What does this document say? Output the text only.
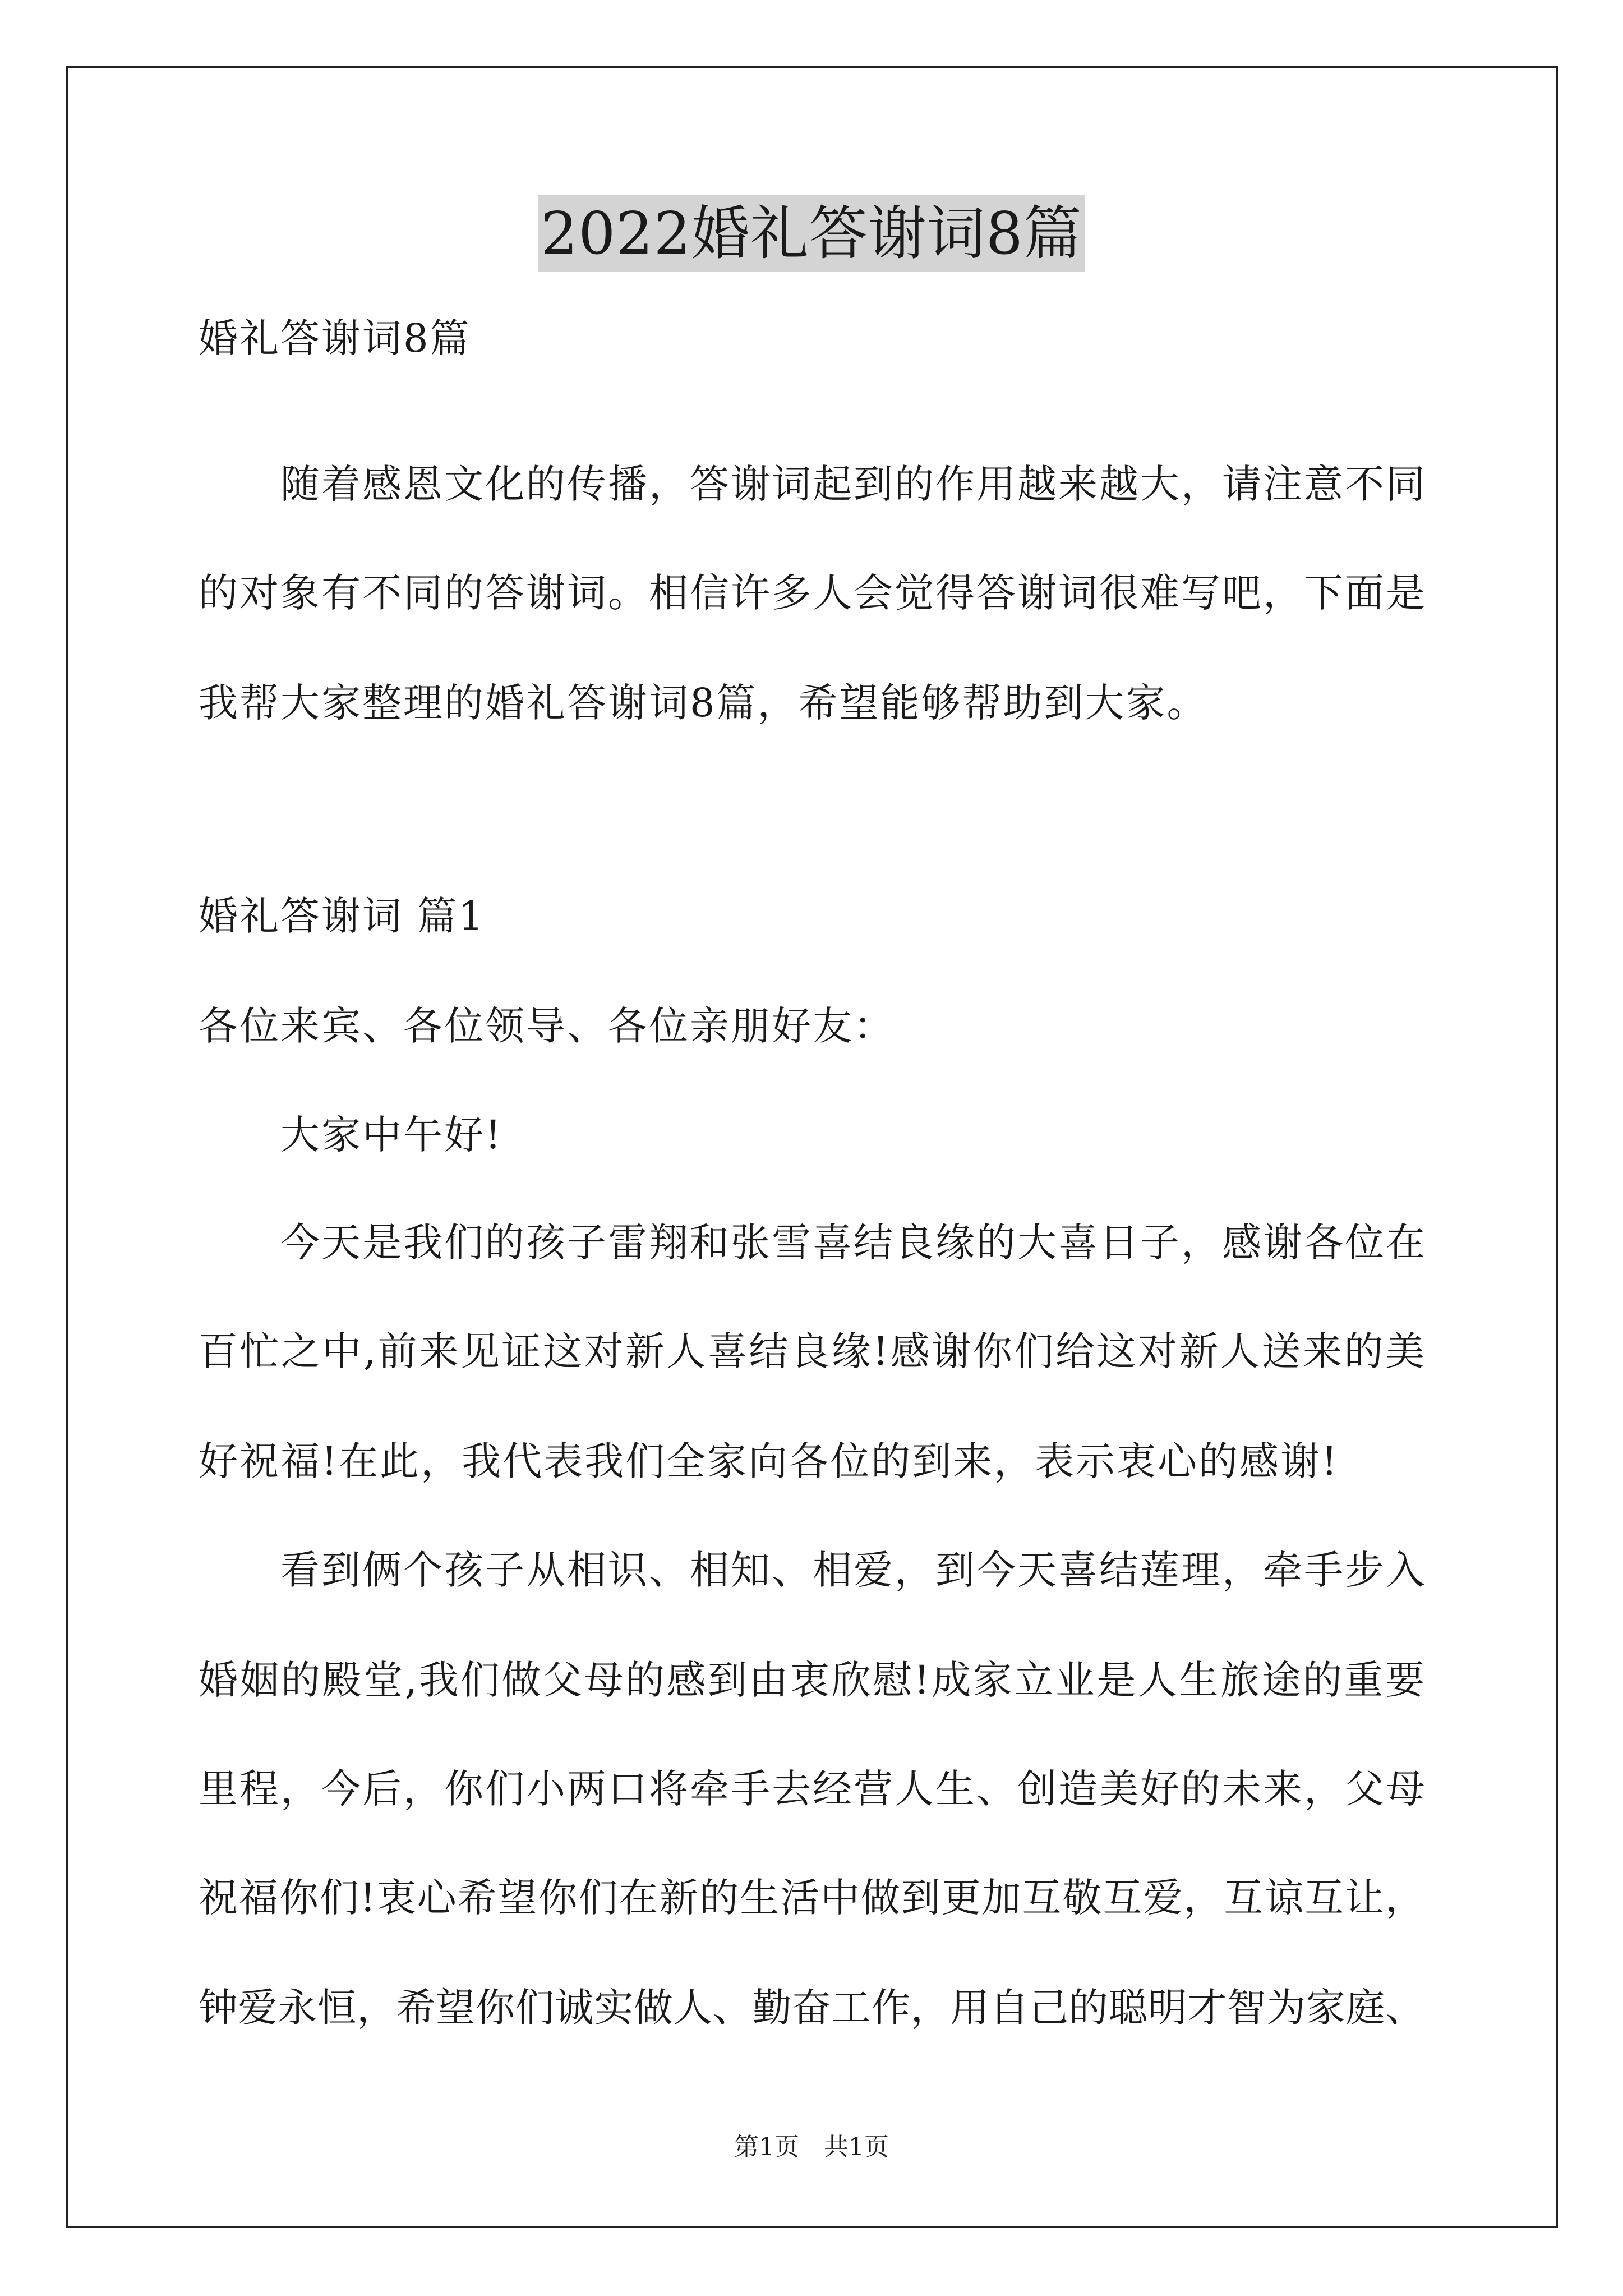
2022婚礼答谢词8篇
婚礼答谢词8篇
随着感恩文化的传播，答谢词起到的作用越来越大，请注意不同
的对象有不同的答谢词。相信许多人会觉得答谢词很难写吧，下面是
我帮大家整理的婚礼答谢词8篇，希望能够帮助到大家。
婚礼答谢词 篇1
各位来宾、各位领导、各位亲朋好友：
大家中午好!
今天是我们的孩子雷翔和张雪喜结良缘的大喜日子，感谢各位在
百忙之中,前来见证这对新人喜结良缘!感谢你们给这对新人送来的美
好祝福!在此，我代表我们全家向各位的到来，表示衷心的感谢!
看到俩个孩子从相识、相知、相爱，到今天喜结莲理，牵手步入
婚姻的殿堂,我们做父母的感到由衷欣慰!成家立业是人生旅途的重要
里程，今后，你们小两口将牵手去经营人生、创造美好的未来，父母
祝福你们!衷心希望你们在新的生活中做到更加互敬互爱，互谅互让，
钟爱永恒，希望你们诚实做人、勤奋工作，用自己的聪明才智为家庭、
第1页　共1页
